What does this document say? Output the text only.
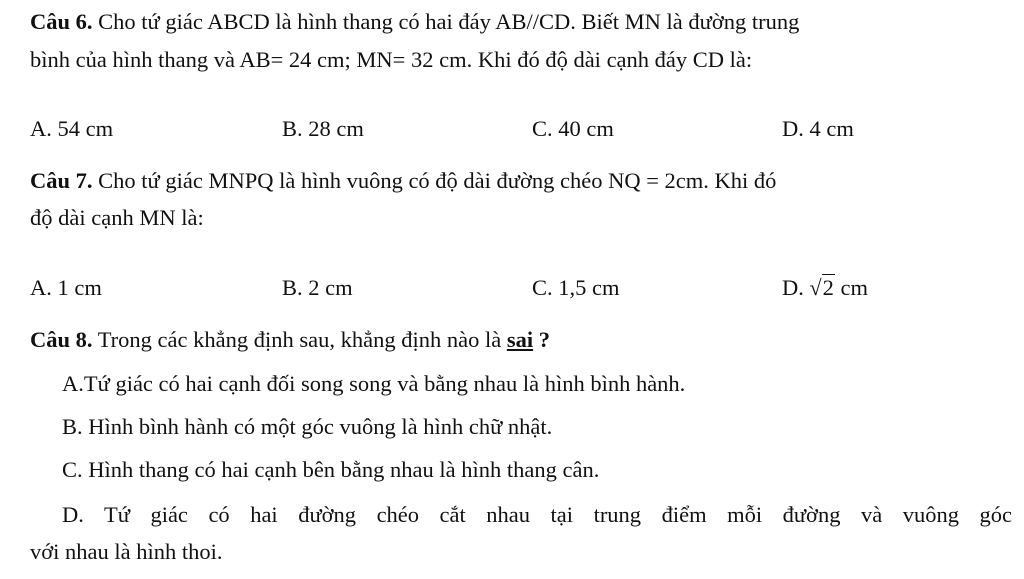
Câu 6. Cho tứ giác ABCD là hình thang có hai đáy AB//CD. Biết MN là đường trung
bình của hình thang và AB= 24 cm; MN= 32 cm. Khi đó độ dài cạnh đáy CD là:
A. 54 cm	B. 28 cm	C. 40 cm	D. 4 cm
Câu 7. Cho tứ giác MNPQ là hình vuông có độ dài đường chéo NQ = 2cm. Khi đó
độ dài cạnh MN là:
A. 1 cm	B. 2 cm	C. 1,5 cm	D. √2 cm
Câu 8. Trong các khẳng định sau, khẳng định nào là sai ?
A.Tứ giác có hai cạnh đối song song và bằng nhau là hình bình hành.
B. Hình bình hành có một góc vuông là hình chữ nhật.
C. Hình thang có hai cạnh bên bằng nhau là hình thang cân.
D. Tứ giác có hai đường chéo cắt nhau tại trung điểm mỗi đường và vuông góc
với nhau là hình thoi.
